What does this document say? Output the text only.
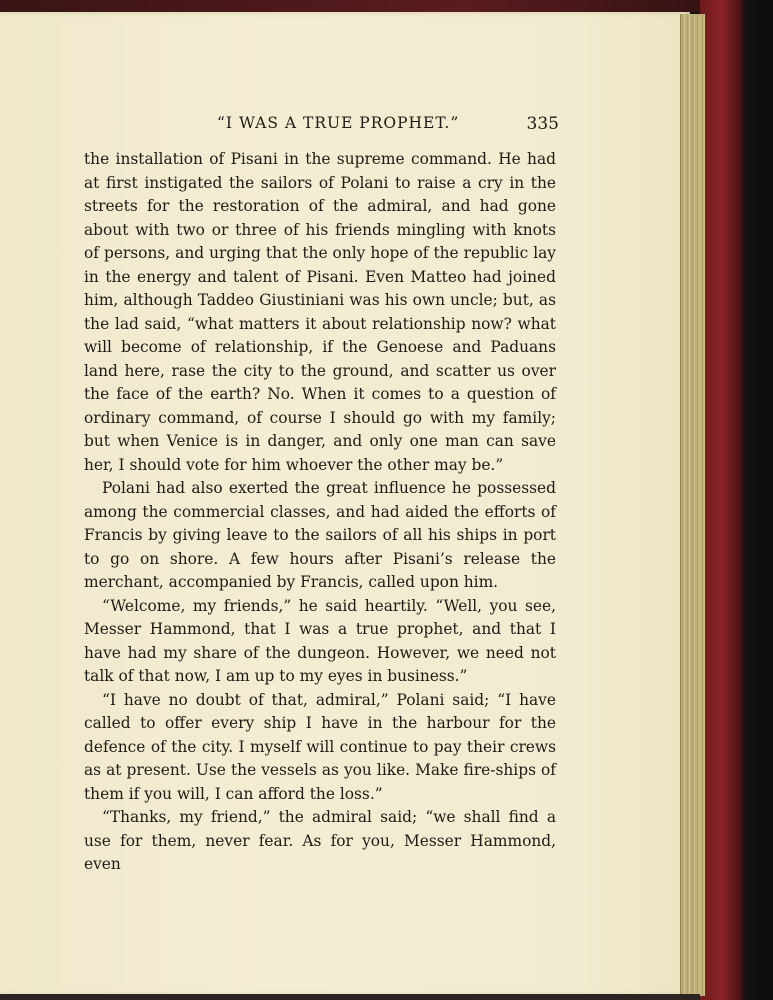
“I WAS A TRUE PROPHET.”	335

the installation of Pisani in the supreme command. He had at first instigated the sailors of Polani to raise a cry in the streets for the restoration of the admiral, and had gone about with two or three of his friends mingling with knots of persons, and urging that the only hope of the republic lay in the energy and talent of Pisani. Even Matteo had joined him, although Taddeo Giustiniani was his own uncle; but, as the lad said, “what matters it about relationship now? what will become of relationship, if the Genoese and Paduans land here, rase the city to the ground, and scatter us over the face of the earth? No. When it comes to a question of ordinary command, of course I should go with my family; but when Venice is in danger, and only one man can save her, I should vote for him whoever the other may be.”

Polani had also exerted the great influence he possessed among the commercial classes, and had aided the efforts of Francis by giving leave to the sailors of all his ships in port to go on shore. A few hours after Pisani’s release the merchant, accompanied by Francis, called upon him.

“Welcome, my friends,” he said heartily. “Well, you see, Messer Hammond, that I was a true prophet, and that I have had my share of the dungeon. However, we need not talk of that now, I am up to my eyes in business.”

“I have no doubt of that, admiral,” Polani said; “I have called to offer every ship I have in the harbour for the defence of the city. I myself will continue to pay their crews as at present. Use the vessels as you like. Make fire-ships of them if you will, I can afford the loss.”

“Thanks, my friend,” the admiral said; “we shall find a use for them, never fear. As for you, Messer Hammond, even
